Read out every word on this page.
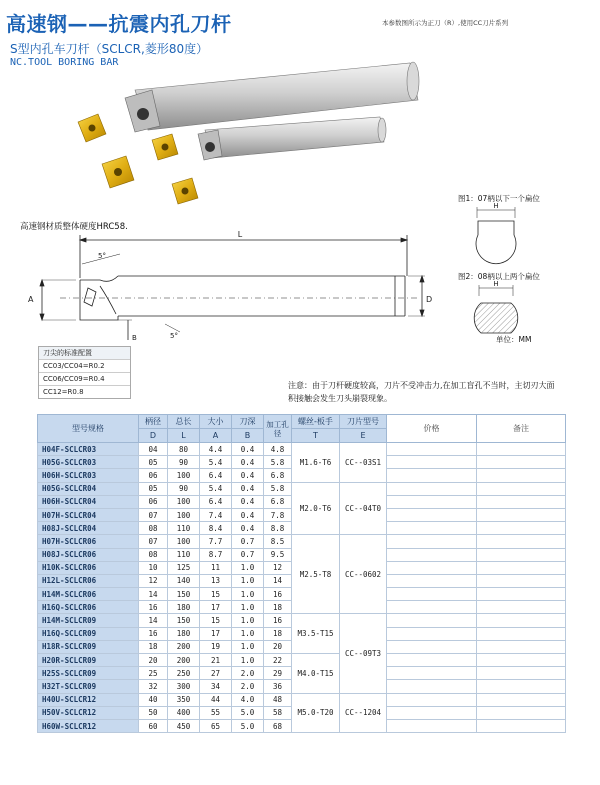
高速钢——抗震内孔刀杆
S型内孔车刀杆（SCLCR,菱形80度）
NC.TOOL BORING BAR
本参数图所示为正刀（R）,使用CC刀片系列
高速钢材质整体硬度HRC58.
L
A	D
B
5°
5°
图1：07柄以下一个扁位
H
图2：08柄以上两个扁位
H
单位：MM
刀尖的标准配置
CC03/CC04=R0.2
CC06/CC09=R0.4
CC12=R0.8
注意：由于刀杆硬度较高，刀片不受冲击力,在加工盲孔不当时，主切刃大面积接触会发生刀头崩裂现象。
型号规格	柄径	总长	大小	刀深	加工孔径	螺丝-板手	刀片型号	价格	备注
	D	L	A	B		T	E		
H04F-SCLCR03	04	80	4.4	0.4	4.8	M1.6-T6	CC--03S1		
H05G-SCLCR03	05	90	5.4	0.4	5.8				
H06H-SCLCR03	06	100	6.4	0.4	6.8				
H05G-SCLCR04	05	90	5.4	0.4	5.8	M2.0-T6	CC--04T0		
H06H-SCLCR04	06	100	6.4	0.4	6.8				
H07H-SCLCR04	07	100	7.4	0.4	7.8				
H08J-SCLCR04	08	110	8.4	0.4	8.8				
H07H-SCLCR06	07	100	7.7	0.7	8.5	M2.5-T8	CC--0602		
H08J-SCLCR06	08	110	8.7	0.7	9.5				
H10K-SCLCR06	10	125	11	1.0	12				
H12L-SCLCR06	12	140	13	1.0	14				
H14M-SCLCR06	14	150	15	1.0	16				
H16Q-SCLCR06	16	180	17	1.0	18				
H14M-SCLCR09	14	150	15	1.0	16	M3.5-T15	CC--09T3		
H16Q-SCLCR09	16	180	17	1.0	18				
H18R-SCLCR09	18	200	19	1.0	20				
H20R-SCLCR09	20	200	21	1.0	22	M4.0-T15			
H25S-SCLCR09	25	250	27	2.0	29				
H32T-SCLCR09	32	300	34	2.0	36				
H40U-SCLCR12	40	350	44	4.0	48	M5.0-T20	CC--1204		
H50V-SCLCR12	50	400	55	5.0	58				
H60W-SCLCR12	60	450	65	5.0	68				
